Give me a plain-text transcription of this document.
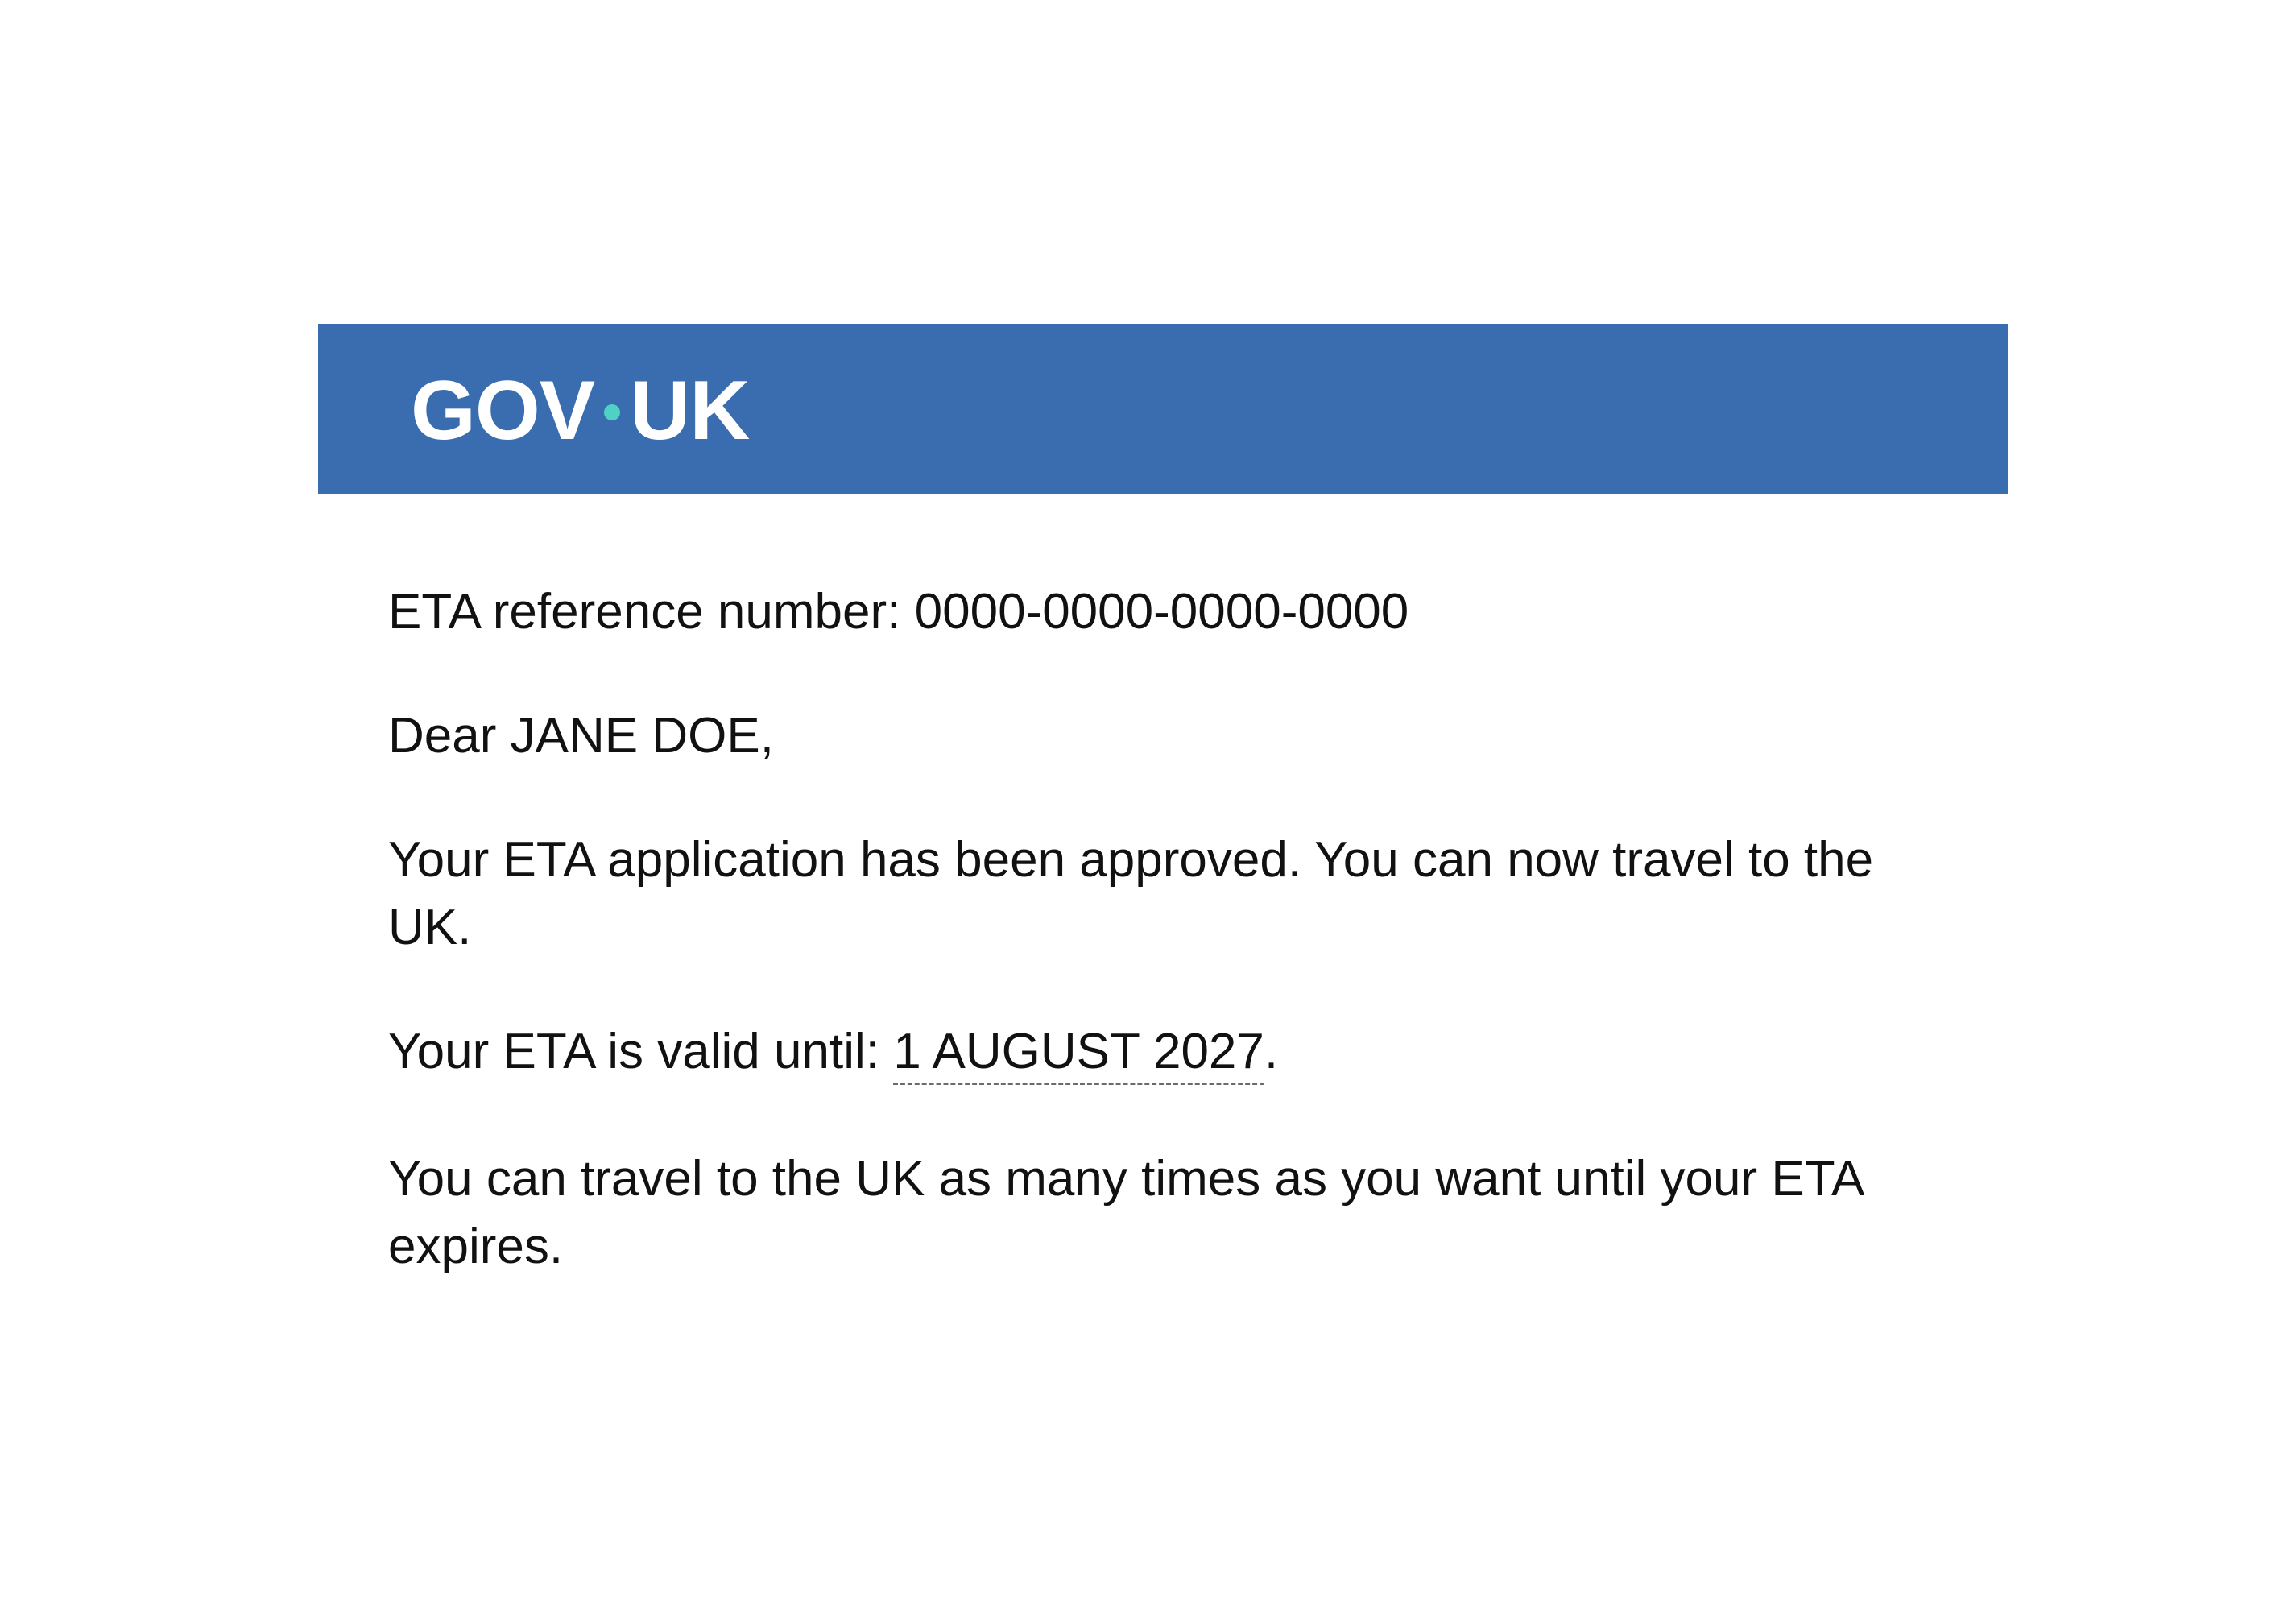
GOV UK

ETA reference number: 0000-0000-0000-0000

Dear JANE DOE,

Your ETA application has been approved. You can now travel to the UK.

Your ETA is valid until: 1 AUGUST 2027.

You can travel to the UK as many times as you want until your ETA expires.
